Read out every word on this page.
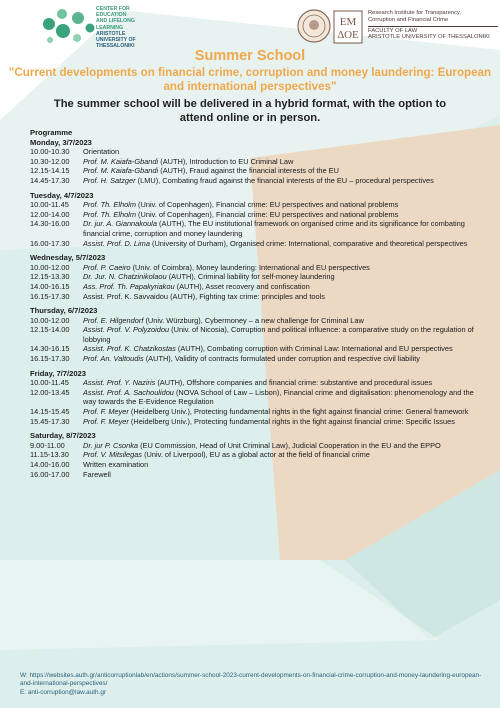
CENTER FOR
EDUCATION
AND LIFELONG
LEARNING
ARISTOTLE
UNIVERSITY OF
THESSALONIKI
ΕΜ
ΔΟΕ
Research Institute for Transparency,
Corruption and Financial Crime
FACULTY OF LAW
ARISTOTLE UNIVERSITY OF THESSALONIKI
Summer School
"Current developments on financial crime, corruption and money laundering: European and international perspectives"
The summer school will be delivered in a hybrid format, with the option to attend online or in person.
Programme
Monday, 3/7/2023
10.00-10.30	Orientation
10.30-12.00	Prof. M. Kaiafa-Gbandi (AUTH), Introduction to EU Criminal Law
12.15-14.15	Prof. M. Kaiafa-Gbandi (AUTH), Fraud against the financial interests of the EU
14.45-17.30	Prof. H. Satzger (LMU), Combating fraud against the financial interests of the EU – procedural perspectives
Tuesday, 4/7/2023
10.00-11.45	Prof. Th. Elholm (Univ. of Copenhagen), Financial crime: EU perspectives and national problems
12.00-14.00	Prof. Th. Elholm (Univ. of Copenhagen), Financial crime: EU perspectives and national problems
14.30-16.00	Dr. jur. A. Giannakoula (AUTH), The EU institutional framework on organised crime and its significance for combating financial crime, corruption and money laundering
16.00-17.30	Assist. Prof. D. Lima (University of Durham), Organised crime: International, comparative and theoretical perspectives
Wednesday, 5/7/2023
10.00-12.00	Prof. P. Caeiro (Univ. of Coimbra), Money laundering: International and EU perspectives
12.15-13.30	Dr. Jur. N. Chatzinikolaou (AUTH), Criminal liability for self-money laundering
14.00-16.15	Ass. Prof. Th. Papakyriakou (AUTH), Asset recovery and confiscation
16.15-17.30	Assist. Prof. K. Savvaidou (AUTH), Fighting tax crime: principles and tools
Thursday, 6/7/2023
10.00-12.00	Prof. E. Hilgendorf (Univ. Würzburg), Cybermoney – a new challenge for Criminal Law
12.15-14.00	Assist. Prof. V. Polyzoidou (Univ. of Nicosia), Corruption and political influence: a comparative study on the regulation of lobbying
14.30-16.15	Assist. Prof. K. Chatzikostas (AUTH), Combating corruption with Criminal Law: International and EU perspectives
16.15-17.30	Prof. An. Valtoudis (AUTH), Validity of contracts formulated under corruption and respective civil liability
Friday, 7/7/2023
10.00-11.45	Assist. Prof. Y. Naziris (AUTH), Offshore companies and financial crime: substantive and procedural issues
12.00-13.45	Assist. Prof. A. Sachoulidou (NOVA School of Law – Lisbon), Financial crime and digitalisation: phenomenology and the way towards the E-Evidence Regulation
14.15-15.45	Prof. F. Meyer (Heidelberg Univ.), Protecting fundamental rights in the fight against financial crime: General framework
15.45-17.30	Prof. F. Meyer (Heidelberg Univ.), Protecting fundamental rights in the fight against financial crime: Specific Issues
Saturday, 8/7/2023
9.00-11.00	Dr. jur P. Csonka (EU Commission, Head of Unit Criminal Law), Judicial Cooperation in the EU and the EPPO
11.15-13.30	Prof. V. Mitsilegas (Univ. of Liverpool), EU as a global actor at the field of financial crime
14.00-16.00	Written examination
16.00-17.00	Farewell
W: https://websites.auth.gr/anticorruptionlab/en/actions/summer-school-2023-current-developments-on-financial-crime-corruption-and-money-laundering-european-and-international-perspectives/
E: anti-corruption@law.auth.gr
